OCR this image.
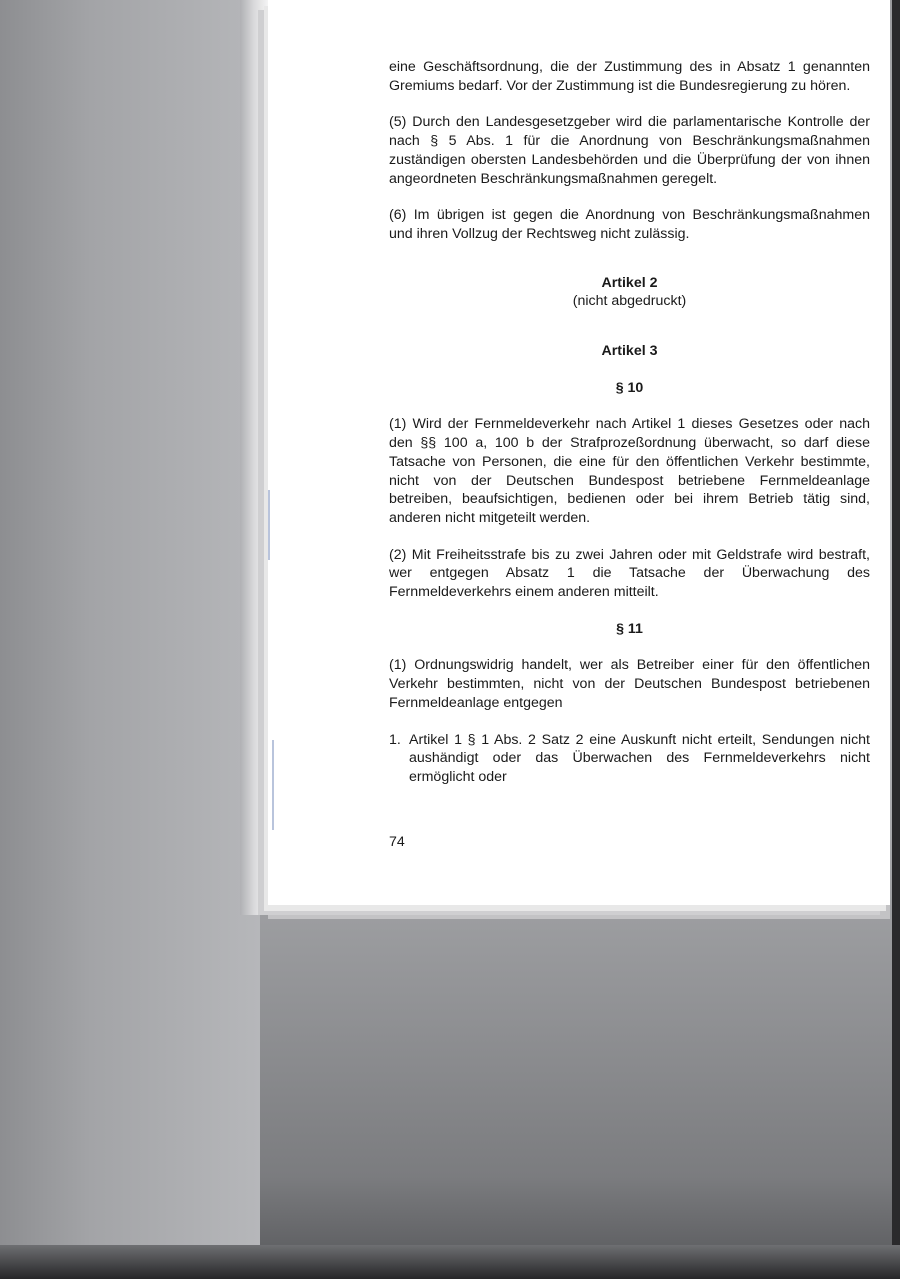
eine Geschäftsordnung, die der Zustimmung des in Absatz 1 genannten Gremiums bedarf. Vor der Zustimmung ist die Bundesregierung zu hören.

(5) Durch den Landesgesetzgeber wird die parlamentarische Kontrolle der nach § 5 Abs. 1 für die Anordnung von Beschränkungsmaßnahmen zuständigen obersten Landesbehörden und die Überprüfung der von ihnen angeordneten Beschränkungsmaßnahmen geregelt.

(6) Im übrigen ist gegen die Anordnung von Beschränkungsmaßnahmen und ihren Vollzug der Rechtsweg nicht zulässig.

Artikel 2

(nicht abgedruckt)

Artikel 3

§ 10

(1) Wird der Fernmeldeverkehr nach Artikel 1 dieses Gesetzes oder nach den §§ 100 a, 100 b der Strafprozeßordnung überwacht, so darf diese Tatsache von Personen, die eine für den öffentlichen Verkehr bestimmte, nicht von der Deutschen Bundespost betriebene Fernmeldeanlage betreiben, beaufsichtigen, bedienen oder bei ihrem Betrieb tätig sind, anderen nicht mitgeteilt werden.

(2) Mit Freiheitsstrafe bis zu zwei Jahren oder mit Geldstrafe wird bestraft, wer entgegen Absatz 1 die Tatsache der Überwachung des Fernmeldeverkehrs einem anderen mitteilt.

§ 11

(1) Ordnungswidrig handelt, wer als Betreiber einer für den öffentlichen Verkehr bestimmten, nicht von der Deutschen Bundespost betriebenen Fernmeldeanlage entgegen

1. Artikel 1 § 1 Abs. 2 Satz 2 eine Auskunft nicht erteilt, Sendungen nicht aushändigt oder das Überwachen des Fernmeldeverkehrs nicht ermöglicht oder
74
